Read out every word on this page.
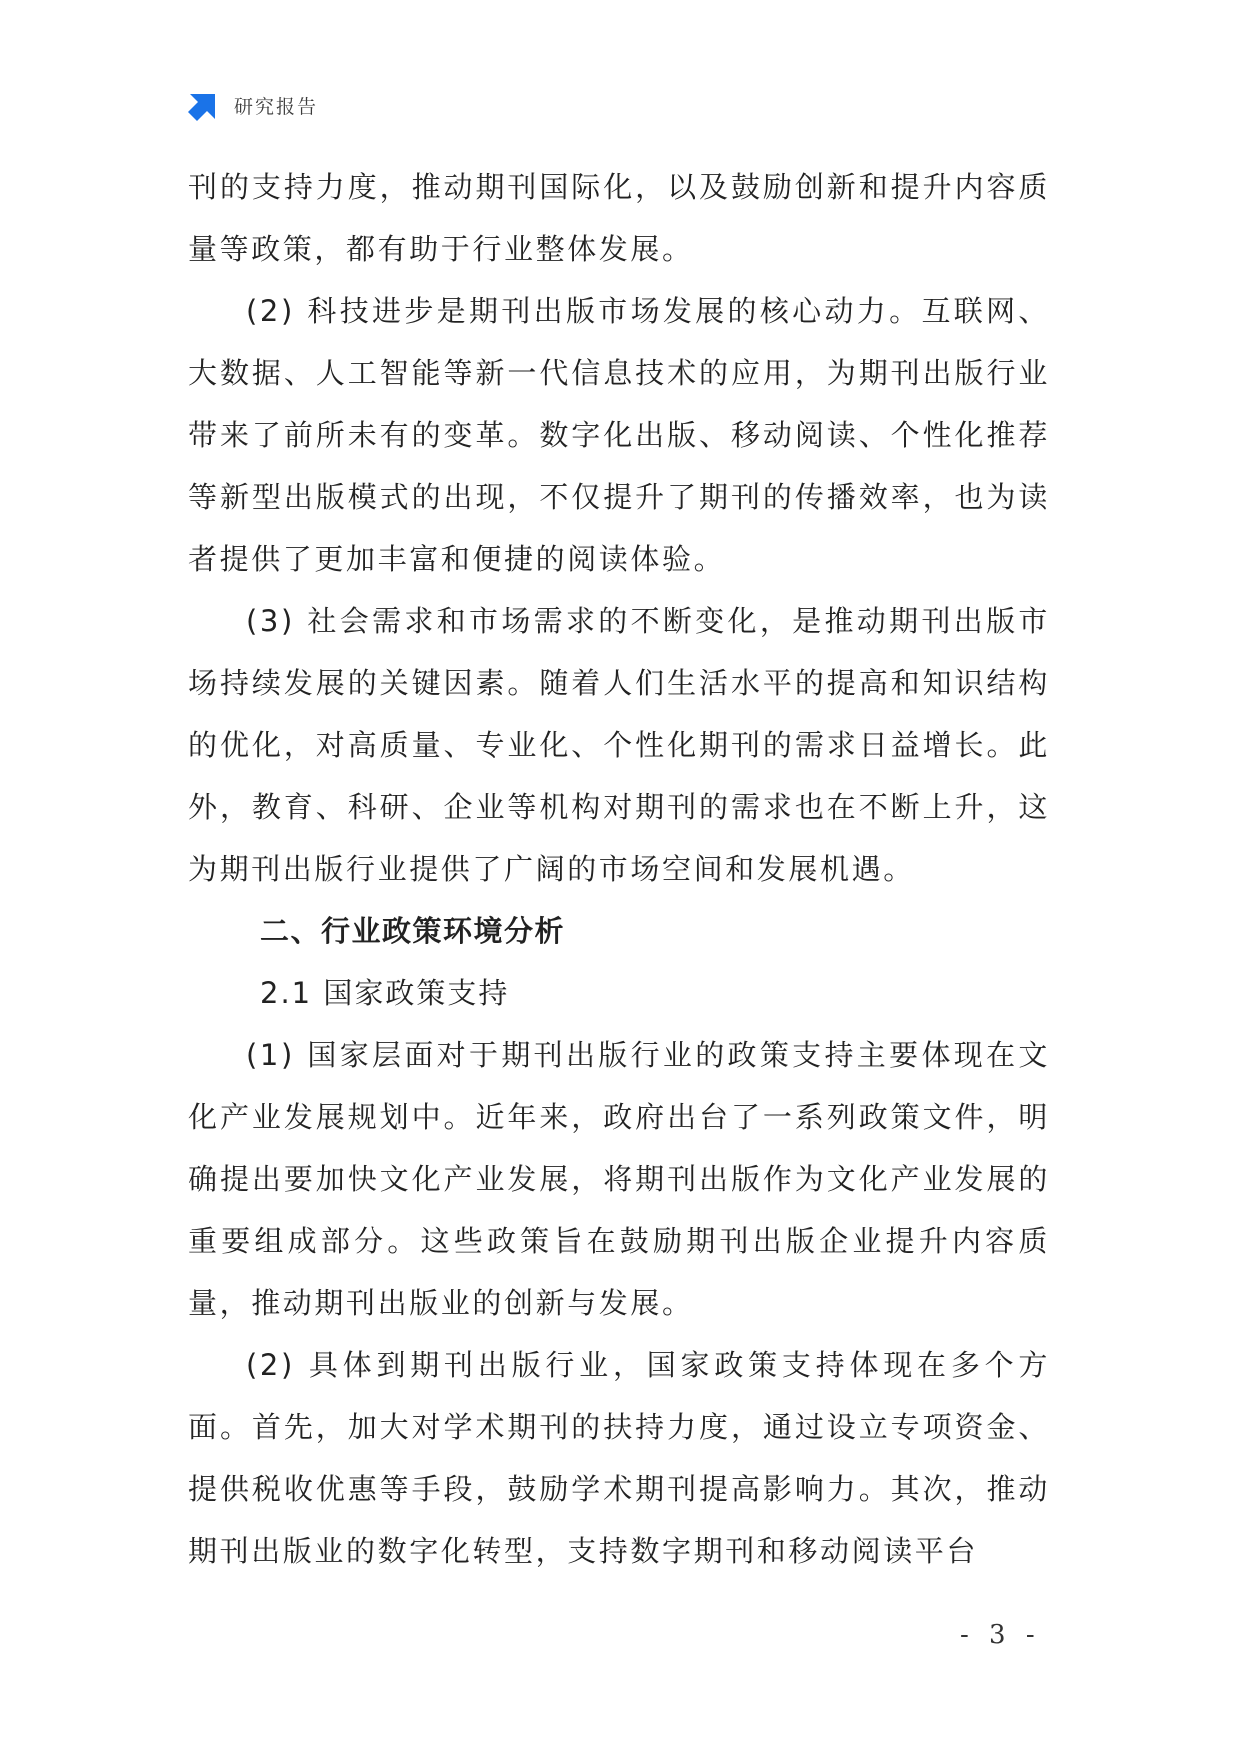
研究报告

刊的支持力度，推动期刊国际化，以及鼓励创新和提升内容质量等政策，都有助于行业整体发展。

(2) 科技进步是期刊出版市场发展的核心动力。互联网、大数据、人工智能等新一代信息技术的应用，为期刊出版行业带来了前所未有的变革。数字化出版、移动阅读、个性化推荐等新型出版模式的出现，不仅提升了期刊的传播效率，也为读者提供了更加丰富和便捷的阅读体验。

(3) 社会需求和市场需求的不断变化，是推动期刊出版市场持续发展的关键因素。随着人们生活水平的提高和知识结构的优化，对高质量、专业化、个性化期刊的需求日益增长。此外，教育、科研、企业等机构对期刊的需求也在不断上升，这为期刊出版行业提供了广阔的市场空间和发展机遇。

二、行业政策环境分析

2.1 国家政策支持

(1) 国家层面对于期刊出版行业的政策支持主要体现在文化产业发展规划中。近年来，政府出台了一系列政策文件，明确提出要加快文化产业发展，将期刊出版作为文化产业发展的重要组成部分。这些政策旨在鼓励期刊出版企业提升内容质量，推动期刊出版业的创新与发展。

(2) 具体到期刊出版行业，国家政策支持体现在多个方面。首先，加大对学术期刊的扶持力度，通过设立专项资金、提供税收优惠等手段，鼓励学术期刊提高影响力。其次，推动期刊出版业的数字化转型，支持数字期刊和移动阅读平台

- 3 -
